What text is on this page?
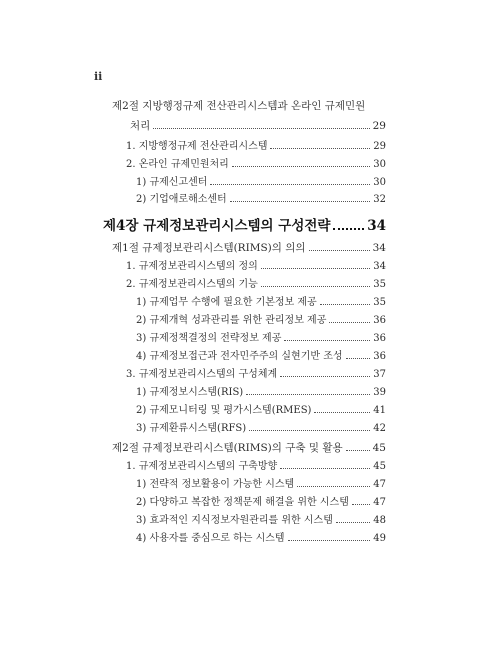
ii
제2절 지방행정규제 전산관리시스템과 온라인 규제민원
처리	29
1. 지방행정규제 전산관리시스템	29
2. 온라인 규제민원처리	30
1) 규제신고센터	30
2) 기업애로해소센터	32
제4장 규제정보관리시스템의 구성전략	34
제1절 규제정보관리시스템(RIMS)의 의의	34
1. 규제정보관리시스템의 정의	34
2. 규제정보관리시스템의 기능	35
1) 규제업무 수행에 필요한 기본정보 제공	35
2) 규제개혁 성과관리를 위한 관리정보 제공	36
3) 규제정책결정의 전략정보 제공	36
4) 규제정보접근과 전자민주주의 실현기반 조성	36
3. 규제정보관리시스템의 구성체계	37
1) 규제정보시스템(RIS)	39
2) 규제모니터링 및 평가시스템(RMES)	41
3) 규제환류시스템(RFS)	42
제2절 규제정보관리시스템(RIMS)의 구축 및 활용	45
1. 규제정보관리시스템의 구축방향	45
1) 전략적 정보활용이 가능한 시스템	47
2) 다양하고 복잡한 정책문제 해결을 위한 시스템 47
3) 효과적인 지식정보자원관리를 위한 시스템	48
4) 사용자를 중심으로 하는 시스템	49
